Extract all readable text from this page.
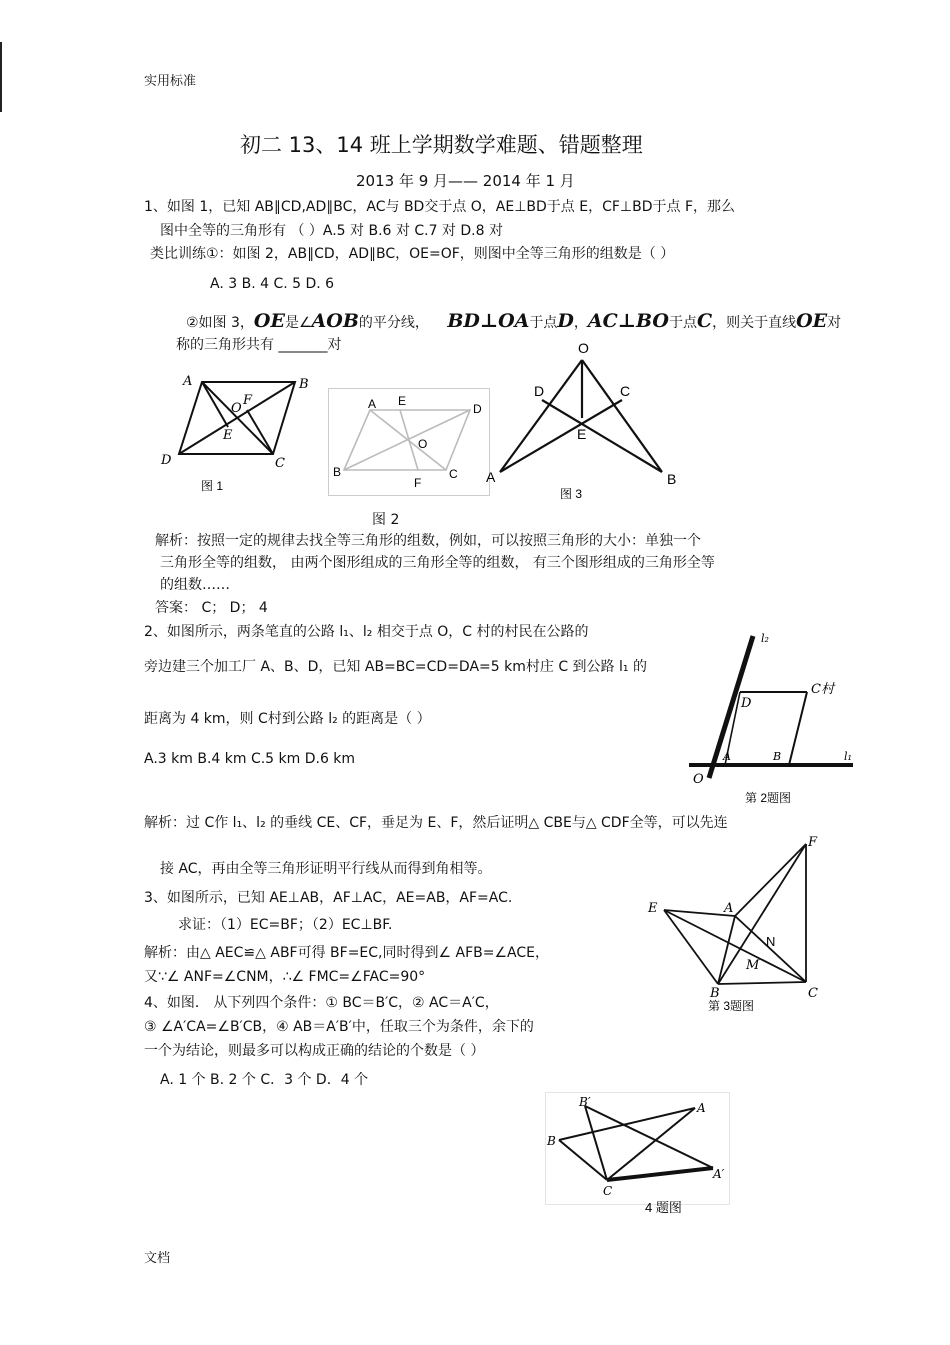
实用标准
初二 13、14 班上学期数学难题、错题整理
2013 年 9 月—— 2014 年 1 月
1、如图 1，已知 AB∥CD,AD∥BC，AC与 BD交于点 O，AE⊥BD于点 E，CF⊥BD于点 F，那么
图中全等的三角形有 （ ）A.5 对 B.6 对 C.7 对 D.8 对
类比训练①：如图 2，AB∥CD，AD∥BC，OE=OF，则图中全等三角形的组数是（ ）
A. 3 B. 4 C. 5 D. 6
②如图 3，OE是∠AOB的平分线， BD⊥OA于点D，AC⊥BO于点C，则关于直线OE对
称的三角形共有 _______对
A	B
C
D
E
F
O
图 1
A E
D
O
B	C
F
图 2
O
D	C
E
A	B
图 3
解析：按照一定的规律去找全等三角形的组数，例如，可以按照三角形的大小：单独一个
三角形全等的组数， 由两个图形组成的三角形全等的组数， 有三个图形组成的三角形全等
的组数……
答案： C； D； 4
2、如图所示，两条笔直的公路 l₁、l₂ 相交于点 O，C 村的村民在公路的
旁边建三个加工厂 A、B、D，已知 AB=BC=CD=DA=5 km村庄 C 到公路 l₁ 的
距离为 4 km，则 C村到公路 l₂ 的距离是（ ）
A.3 km B.4 km C.5 km D.6 km
l₂
l₁
D
C村
A	B
O
第 2题图
解析：过 C作 l₁、l₂ 的垂线 CE、CF，垂足为 E、F，然后证明△ CBE与△ CDF全等，可以先连
接 AC，再由全等三角形证明平行线从而得到角相等。
3、如图所示，已知 AE⊥AB，AF⊥AC，AE=AB，AF=AC.
求证：（1）EC=BF；（2）EC⊥BF.
解析：由△ AEC≌△ ABF可得 BF=EC,同时得到∠ AFB=∠ACE，
又∵∠ ANF=∠CNM，∴∠ FMC=∠FAC=90°
E	A
F
N
M
B	C
第 3题图
4、如图． 从下列四个条件：① BC＝B′C，② AC＝A′C，
③ ∠A′CA=∠B′CB，④ AB＝A′B′中，任取三个为条件，余下的
一个为结论，则最多可以构成正确的结论的个数是（ ）
A. 1 个 B. 2 个 C．3 个 D．4 个
B′	A
B
C
A′
4 题图
文档
